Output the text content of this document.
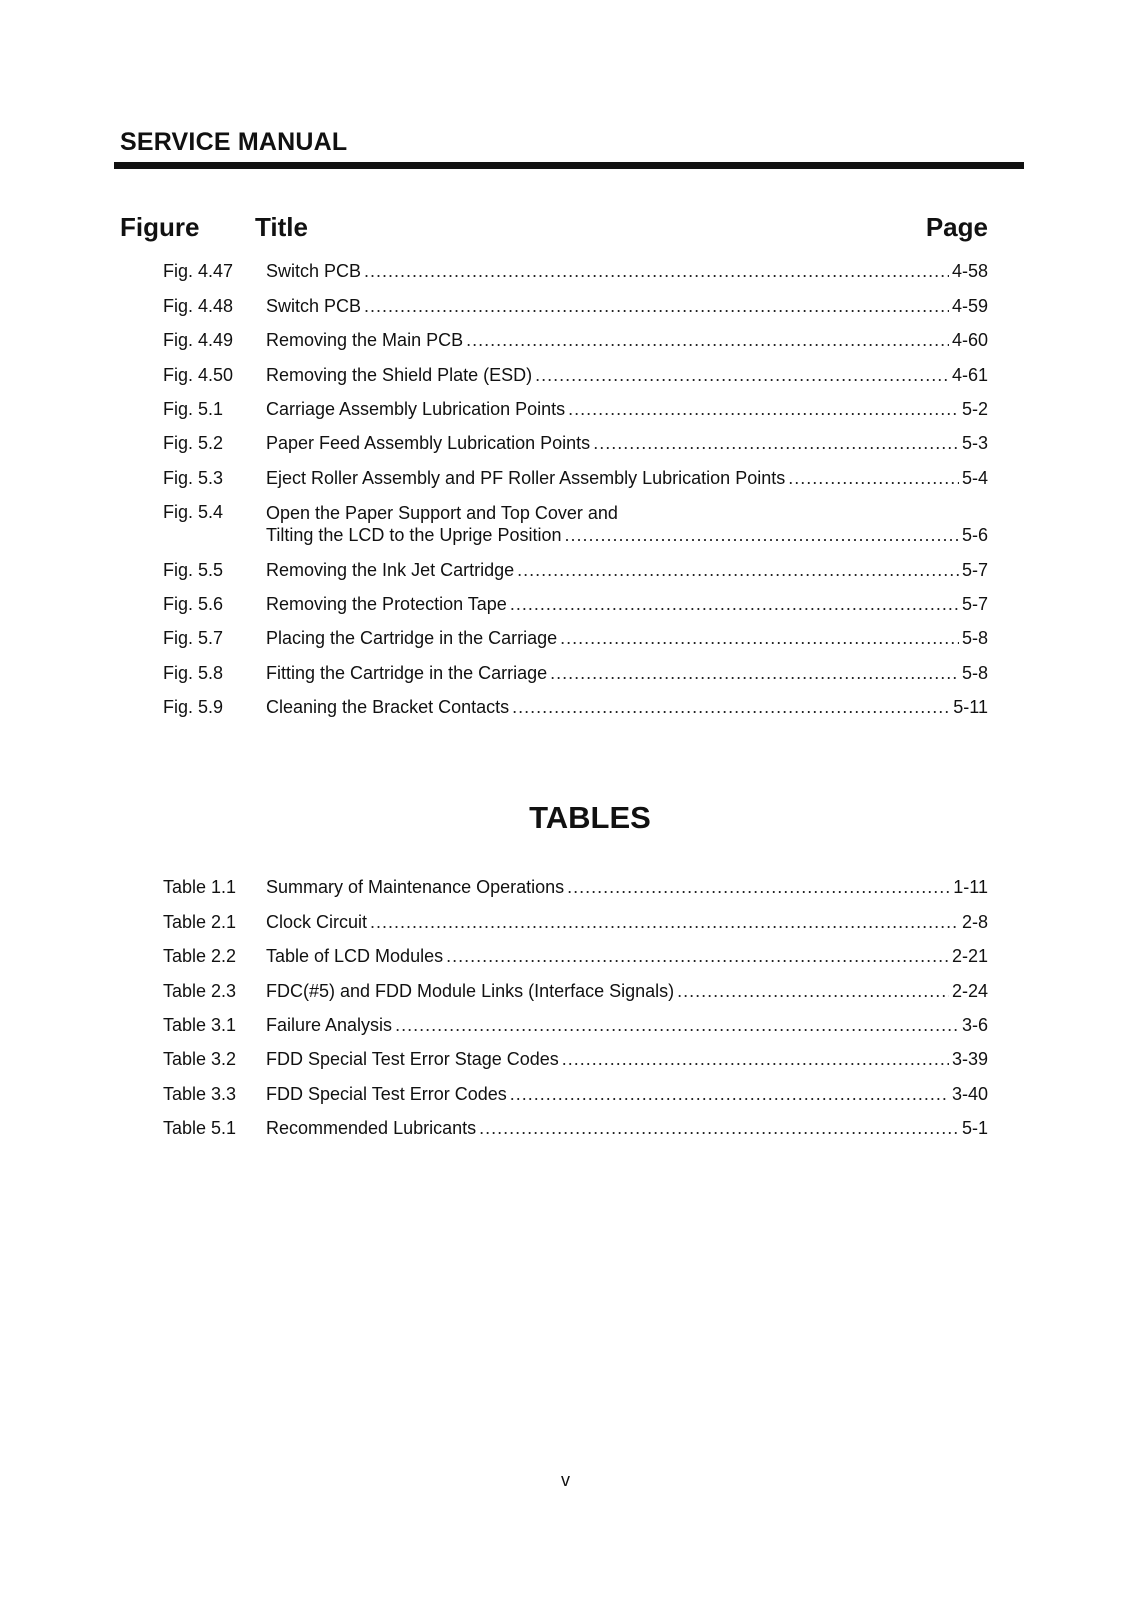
SERVICE MANUAL
Figure Title	Page
Fig. 4.47	Switch PCB .....	4-58
Fig. 4.48	Switch PCB .....	4-59
Fig. 4.49	Removing the Main PCB .....	4-60
Fig. 4.50	Removing the Shield Plate (ESD) .....	4-61
Fig. 5.1	Carriage Assembly Lubrication Points .....	5-2
Fig. 5.2	Paper Feed Assembly Lubrication Points .....	5-3
Fig. 5.3	Eject Roller Assembly and PF Roller Assembly Lubrication Points .....	5-4
Fig. 5.4	Open the Paper Support and Top Cover and
Tilting the LCD to the Uprige Position .....	5-6
Fig. 5.5	Removing the Ink Jet Cartridge .....	5-7
Fig. 5.6	Removing the Protection Tape .....	5-7
Fig. 5.7	Placing the Cartridge in the Carriage .....	5-8
Fig. 5.8	Fitting the Cartridge in the Carriage .....	5-8
Fig. 5.9	Cleaning the Bracket Contacts .....	5-11
TABLES
Table 1.1	Summary of Maintenance Operations .....	1-11
Table 2.1	Clock Circuit .....	2-8
Table 2.2	Table of LCD Modules .....	2-21
Table 2.3	FDC(#5) and FDD Module Links (Interface Signals) .....	2-24
Table 3.1	Failure Analysis .....	3-6
Table 3.2	FDD Special Test Error Stage Codes .....	3-39
Table 3.3	FDD Special Test Error Codes .....	3-40
Table 5.1	Recommended Lubricants .....	5-1
v
